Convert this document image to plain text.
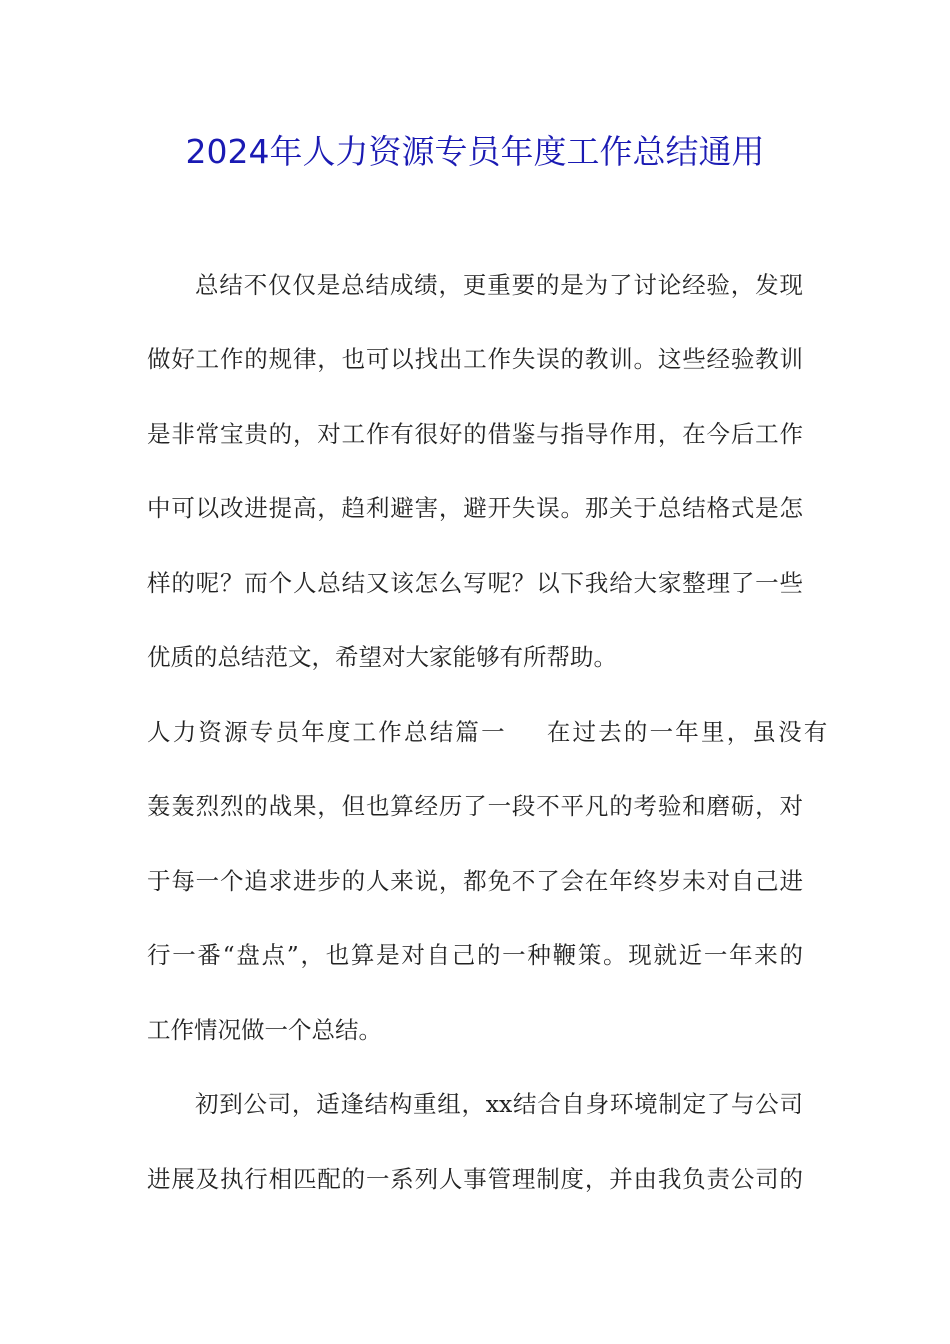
2024年人力资源专员年度工作总结通用
总结不仅仅是总结成绩，更重要的是为了讨论经验，发现
做好工作的规律，也可以找出工作失误的教训。这些经验教训
是非常宝贵的，对工作有很好的借鉴与指导作用，在今后工作
中可以改进提高，趋利避害，避开失误。那关于总结格式是怎
样的呢？而个人总结又该怎么写呢？以下我给大家整理了一些
优质的总结范文，希望对大家能够有所帮助。
人力资源专员年度工作总结篇一 在过去的一年里，虽没有
轰轰烈烈的战果，但也算经历了一段不平凡的考验和磨砺，对
于每一个追求进步的人来说，都免不了会在年终岁未对自己进
行一番“盘点”，也算是对自己的一种鞭策。现就近一年来的
工作情况做一个总结。
初到公司，适逢结构重组，xx结合自身环境制定了与公司
进展及执行相匹配的一系列人事管理制度，并由我负责公司的
